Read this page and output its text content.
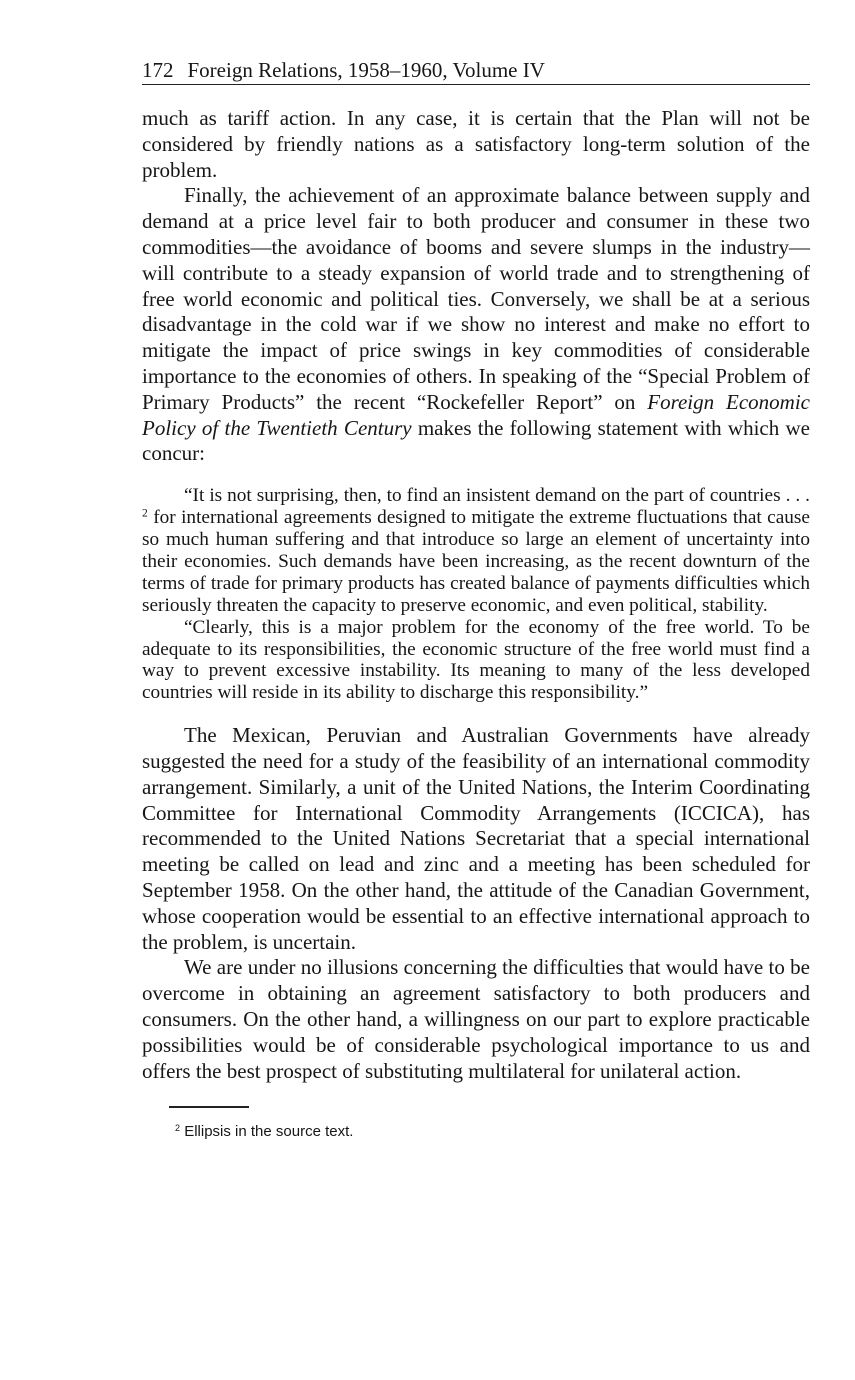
172 Foreign Relations, 1958–1960, Volume IV

much as tariff action. In any case, it is certain that the Plan will not be considered by friendly nations as a satisfactory long-term solution of the problem.

Finally, the achievement of an approximate balance between supply and demand at a price level fair to both producer and consumer in these two commodities—the avoidance of booms and severe slumps in the industry—will contribute to a steady expansion of world trade and to strengthening of free world economic and political ties. Conversely, we shall be at a serious disadvantage in the cold war if we show no interest and make no effort to mitigate the impact of price swings in key commodities of considerable importance to the economies of others. In speaking of the “Special Problem of Primary Products” the recent “Rockefeller Report” on Foreign Economic Policy of the Twentieth Century makes the following statement with which we concur:

“It is not surprising, then, to find an insistent demand on the part of countries . . . $^2$ for international agreements designed to mitigate the extreme fluctuations that cause so much human suffering and that introduce so large an element of uncertainty into their economies. Such demands have been increasing, as the recent downturn of the terms of trade for primary products has created balance of payments difficulties which seriously threaten the capacity to preserve economic, and even political, stability.

“Clearly, this is a major problem for the economy of the free world. To be adequate to its responsibilities, the economic structure of the free world must find a way to prevent excessive instability. Its meaning to many of the less developed countries will reside in its ability to discharge this responsibility.”

The Mexican, Peruvian and Australian Governments have already suggested the need for a study of the feasibility of an international commodity arrangement. Similarly, a unit of the United Nations, the Interim Coordinating Committee for International Commodity Arrangements (ICCICA), has recommended to the United Nations Secretariat that a special international meeting be called on lead and zinc and a meeting has been scheduled for September 1958. On the other hand, the attitude of the Canadian Government, whose cooperation would be essential to an effective international approach to the problem, is uncertain.

We are under no illusions concerning the difficulties that would have to be overcome in obtaining an agreement satisfactory to both producers and consumers. On the other hand, a willingness on our part to explore practicable possibilities would be of considerable psychological importance to us and offers the best prospect of substituting multilateral for unilateral action.

$^2$ Ellipsis in the source text.
